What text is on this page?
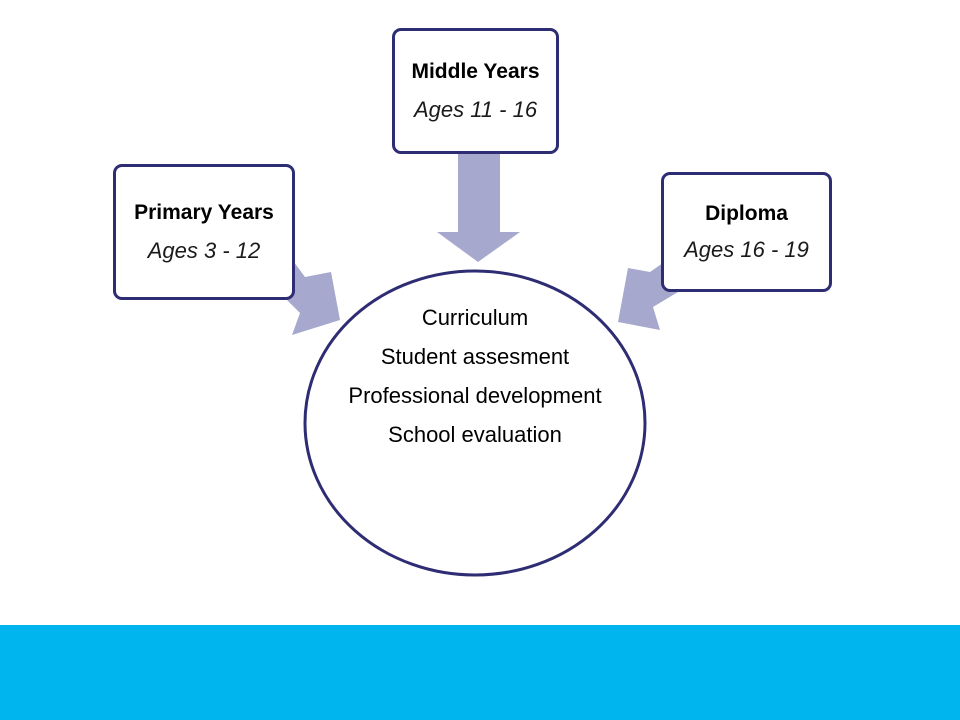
Primary Years
Ages 3 - 12
Middle Years
Ages 11 - 16
Diploma
Ages 16 - 19
Curriculum
Student assesment
Professional development
School evaluation
